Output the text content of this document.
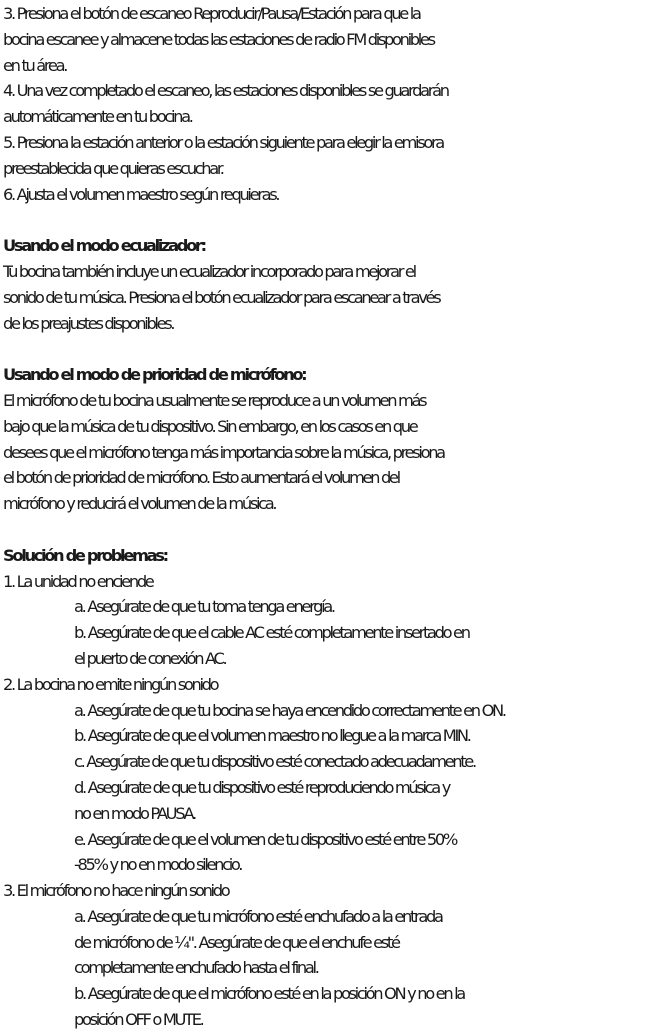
3. Presiona el botón de escaneo Reproducir/Pausa/Estación para que la
bocina escanee y almacene todas las estaciones de radio FM disponibles
en tu área.
4. Una vez completado el escaneo, las estaciones disponibles se guardarán
automáticamente en tu bocina.
5. Presiona la estación anterior o la estación siguiente para elegir la emisora
preestablecida que quieras escuchar.
6. Ajusta el volumen maestro según requieras.
Usando el modo ecualizador:
Tu bocina también incluye un ecualizador incorporado para mejorar el
sonido de tu música. Presiona el botón ecualizador para escanear a través
de los preajustes disponibles.
Usando el modo de prioridad de micrófono:
El micrófono de tu bocina usualmente se reproduce a un volumen más
bajo que la música de tu dispositivo. Sin embargo, en los casos en que
desees que el micrófono tenga más importancia sobre la música, presiona
el botón de prioridad de micrófono. Esto aumentará el volumen del
micrófono y reducirá el volumen de la música.
Solución de problemas:
1. La unidad no enciende
a. Asegúrate de que tu toma tenga energía.
b. Asegúrate de que el cable AC esté completamente insertado en
el puerto de conexión AC.
2. La bocina no emite ningún sonido
a. Asegúrate de que tu bocina se haya encendido correctamente en ON.
b. Asegúrate de que el volumen maestro no llegue a la marca MIN.
c. Asegúrate de que tu dispositivo esté conectado adecuadamente.
d. Asegúrate de que tu dispositivo esté reproduciendo música y
no en modo PAUSA.
e. Asegúrate de que el volumen de tu dispositivo esté entre 50%
-85% y no en modo silencio.
3. El micrófono no hace ningún sonido
a. Asegúrate de que tu micrófono esté enchufado a la entrada
de micrófono de ¼". Asegúrate de que el enchufe esté
completamente enchufado hasta el final.
b. Asegúrate de que el micrófono esté en la posición ON y no en la
posición OFF o MUTE.
